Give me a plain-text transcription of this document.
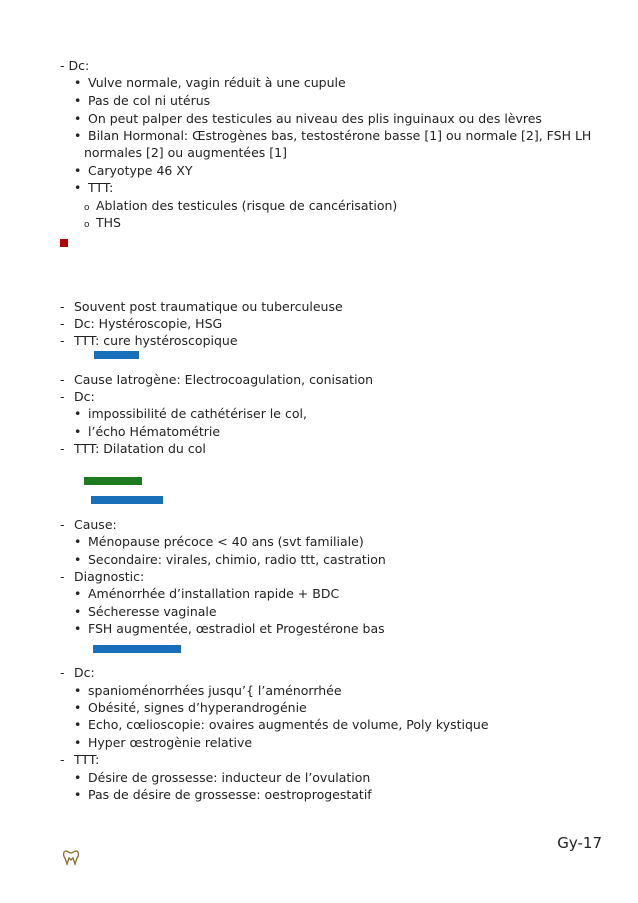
- Dc:
• Vulve normale, vagin réduit à une cupule
• Pas de col ni utérus
• On peut palper des testicules au niveau des plis inguinaux ou des lèvres
• Bilan Hormonal: Œstrogènes bas, testostérone basse [1] ou normale [2], FSH LH
normales [2] ou augmentées [1]
• Caryotype 46 XY
• TTT:
o Ablation des testicules (risque de cancérisation)
o THS
- Souvent post traumatique ou tuberculeuse
- Dc: Hystéroscopie, HSG
- TTT: cure hystéroscopique
- Cause Iatrogène: Electrocoagulation, conisation
- Dc:
• impossibilité de cathétériser le col,
• l’écho Hématométrie
- TTT: Dilatation du col
- Cause:
• Ménopause précoce < 40 ans (svt familiale)
• Secondaire: virales, chimio, radio ttt, castration
- Diagnostic:
• Aménorrhée d’installation rapide + BDC
• Sécheresse vaginale
• FSH augmentée, œstradiol et Progestérone bas
- Dc:
• spanioménorrhées jusqu’{ l’aménorrhée
• Obésité, signes d’hyperandrogénie
• Echo, cœlioscopie: ovaires augmentés de volume, Poly kystique
• Hyper œstrogènie relative
- TTT:
• Désire de grossesse: inducteur de l’ovulation
• Pas de désire de grossesse: oestroprogestatif
Gy-17
